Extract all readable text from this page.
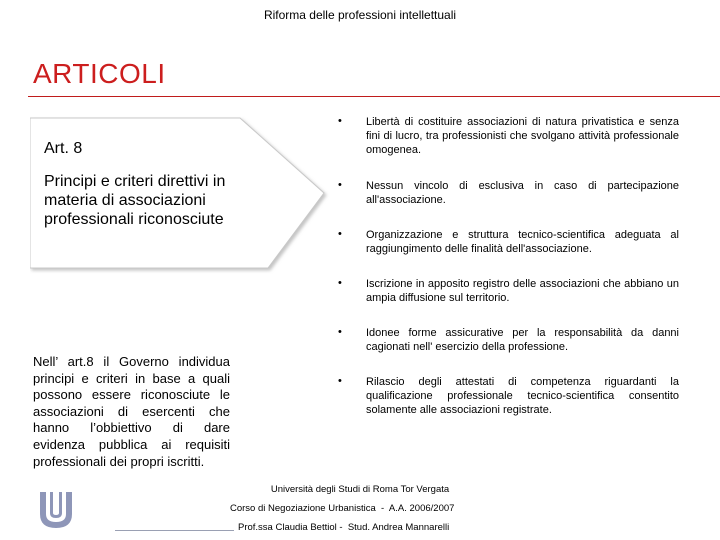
Riforma delle professioni intellettuali
ARTICOLI
Art. 8
Principi e criteri direttivi in materia di associazioni professionali riconosciute
Nell’ art.8 il Governo individua principi e criteri in base a quali possono essere riconosciute le associazioni di esercenti che hanno l’obbiettivo di dare evidenza pubblica ai requisiti professionali dei propri iscritti.
• Libertà di costituire associazioni di natura privatistica e senza fini di lucro, tra professionisti che svolgano attività professionale omogenea.
• Nessun vincolo di esclusiva in caso di partecipazione all'associazione.
• Organizzazione e struttura tecnico-scientifica adeguata al raggiungimento delle finalità dell'associazione.
• Iscrizione in apposito registro delle associazioni che abbiano un ampia diffusione sul territorio.
• Idonee forme assicurative per la responsabilità da danni cagionati nell' esercizio della professione.
• Rilascio degli attestati di competenza riguardanti la qualificazione professionale tecnico-scientifica consentito solamente alle associazioni registrate.
Università degli Studi di Roma Tor Vergata
Corso di Negoziazione Urbanistica  -  A.A. 2006/2007
Prof.ssa Claudia Bettiol -  Stud. Andrea Mannarelli
